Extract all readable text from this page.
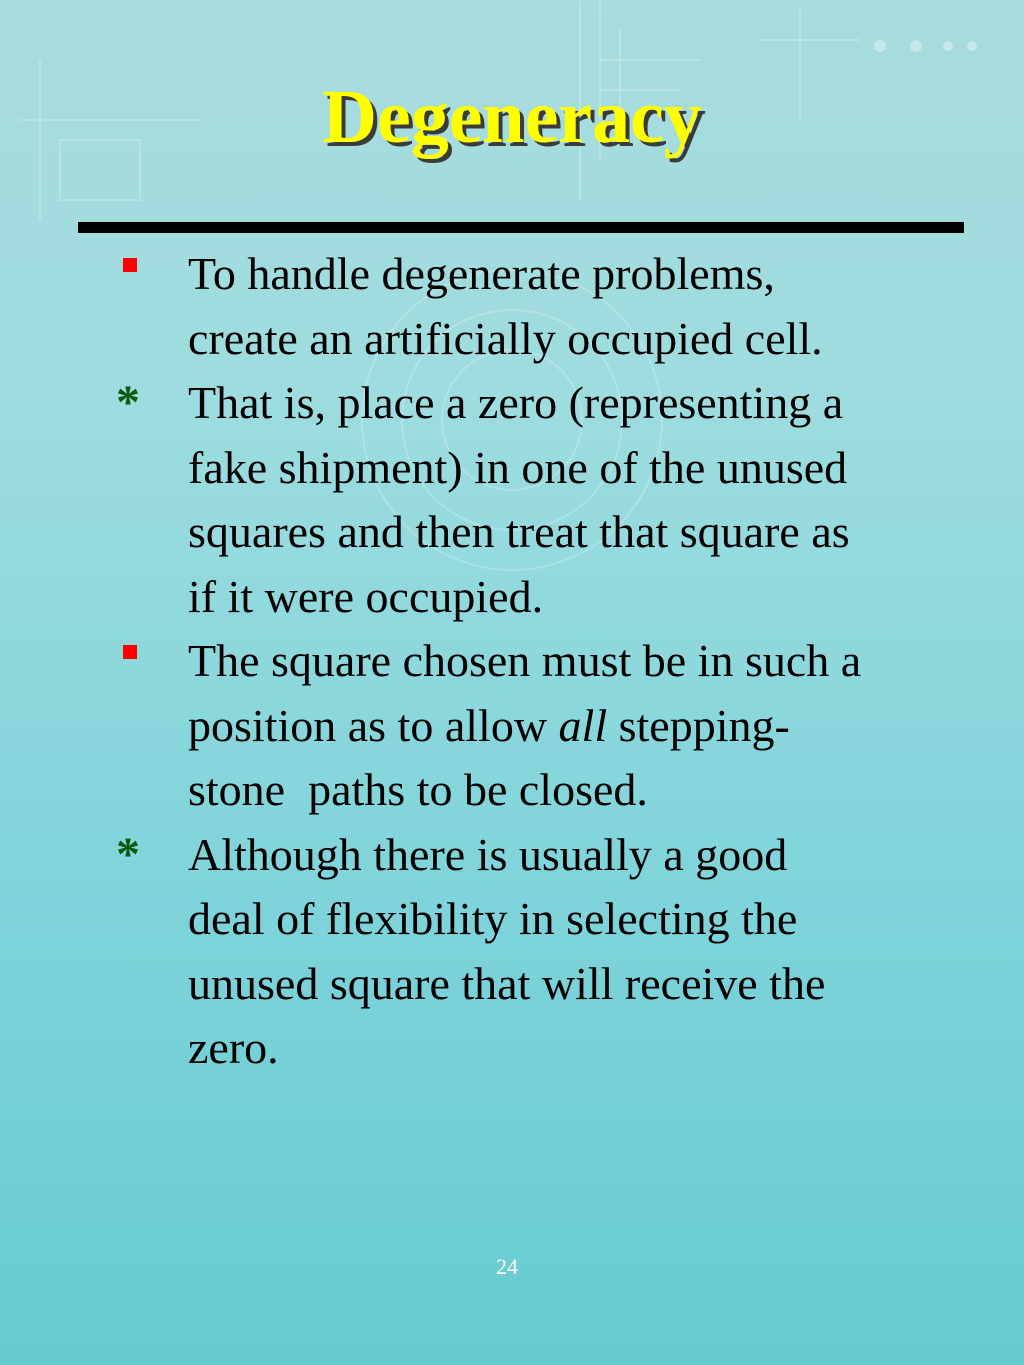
Degeneracy
To handle degenerate problems,
create an artificially occupied cell.
* That is, place a zero (representing a
fake shipment) in one of the unused
squares and then treat that square as
if it were occupied.
The square chosen must be in such a
position as to allow all stepping-
stone  paths to be closed.
* Although there is usually a good
deal of flexibility in selecting the
unused square that will receive the
zero.
24
